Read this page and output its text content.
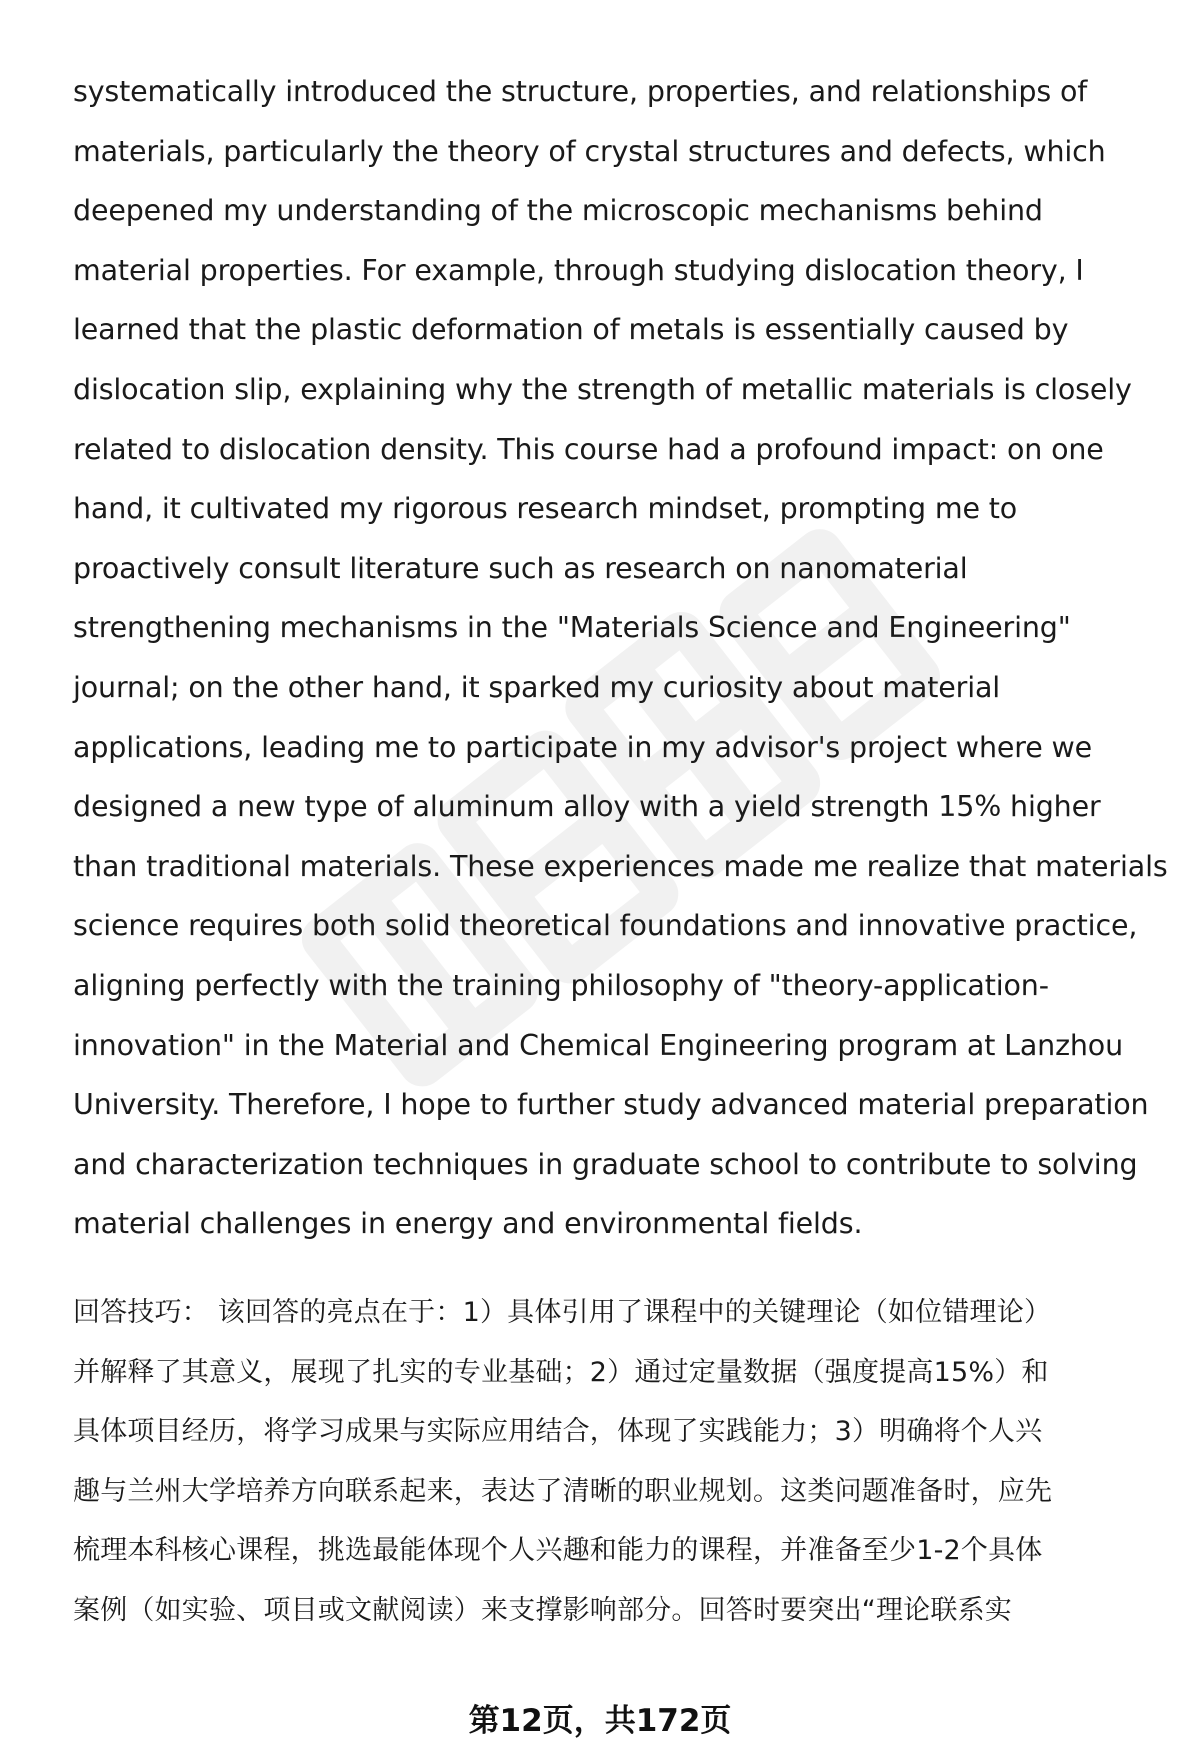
systematically introduced the structure, properties, and relationships of
materials, particularly the theory of crystal structures and defects, which
deepened my understanding of the microscopic mechanisms behind
material properties. For example, through studying dislocation theory, I
learned that the plastic deformation of metals is essentially caused by
dislocation slip, explaining why the strength of metallic materials is closely
related to dislocation density. This course had a profound impact: on one
hand, it cultivated my rigorous research mindset, prompting me to
proactively consult literature such as research on nanomaterial
strengthening mechanisms in the "Materials Science and Engineering"
journal; on the other hand, it sparked my curiosity about material
applications, leading me to participate in my advisor's project where we
designed a new type of aluminum alloy with a yield strength 15% higher
than traditional materials. These experiences made me realize that materials
science requires both solid theoretical foundations and innovative practice,
aligning perfectly with the training philosophy of "theory-application-
innovation" in the Material and Chemical Engineering program at Lanzhou
University. Therefore, I hope to further study advanced material preparation
and characterization techniques in graduate school to contribute to solving
material challenges in energy and environmental fields.
回答技巧： 该回答的亮点在于：1）具体引用了课程中的关键理论（如位错理论）
并解释了其意义，展现了扎实的专业基础；2）通过定量数据（强度提高15%）和
具体项目经历，将学习成果与实际应用结合，体现了实践能力；3）明确将个人兴
趣与兰州大学培养方向联系起来，表达了清晰的职业规划。这类问题准备时，应先
梳理本科核心课程，挑选最能体现个人兴趣和能力的课程，并准备至少1-2个具体
案例（如实验、项目或文献阅读）来支撑影响部分。回答时要突出“理论联系实
第12页，共172页
